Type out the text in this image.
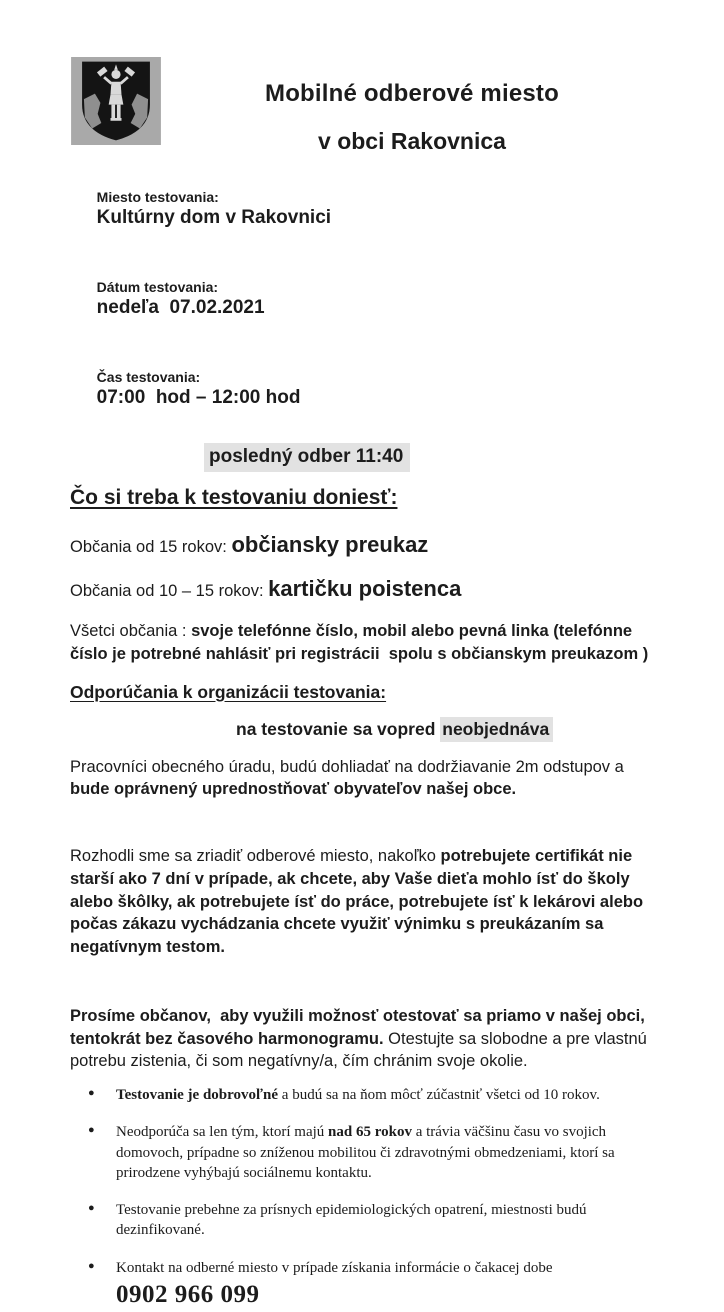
Mobilné odberové miesto
v obci Rakovnica

Miesto testovania:
Kultúrny dom v Rakovnici

Dátum testovania:
nedeľa  07.02.2021

Čas testovania:
07:00  hod – 12:00 hod

posledný odber 11:40
Čo si treba k testovaniu doniesť:
Občania od 15 rokov: občiansky preukaz
Občania od 10 – 15 rokov: kartičku poistenca

Všetci občania : svoje telefónne číslo, mobil alebo pevná linka (telefónne číslo je potrebné nahlásiť pri registrácii  spolu s občianskym preukazom )

Odporúčania k organizácii testovania:
na testovanie sa vopred neobjednáva

Pracovníci obecného úradu, budú dohliadať na dodržiavanie 2m odstupov a bude oprávnený uprednostňovať obyvateľov našej obce.

Rozhodli sme sa zriadiť odberové miesto, nakoľko potrebujete certifikát nie starší ako 7 dní v prípade, ak chcete, aby Vaše dieťa mohlo ísť do školy alebo škôlky, ak potrebujete ísť do práce, potrebujete ísť k lekárovi alebo počas zákazu vychádzania chcete využiť výnimku s preukázaním sa negatívnym testom.

Prosíme občanov,  aby využili možnosť otestovať sa priamo v našej obci, tentokrát bez časového harmonogramu. Otestujte sa slobodne a pre vlastnú potrebu zistenia, či som negatívny/a, čím chránim svoje okolie.

● Testovanie je dobrovoľné a budú sa na ňom môcť zúčastniť všetci od 10 rokov.
● Neodporúča sa len tým, ktorí majú nad 65 rokov a trávia väčšinu času vo svojich domovoch, prípadne so zníženou mobilitou či zdravotnými obmedzeniami, ktorí sa prirodzene vyhýbajú sociálnemu kontaktu.
● Testovanie prebehne za prísnych epidemiologických opatrení, miestnosti budú dezinfikované.
● Kontakt na odberné miesto v prípade získania informácie o čakacej dobe 0902 966 099
